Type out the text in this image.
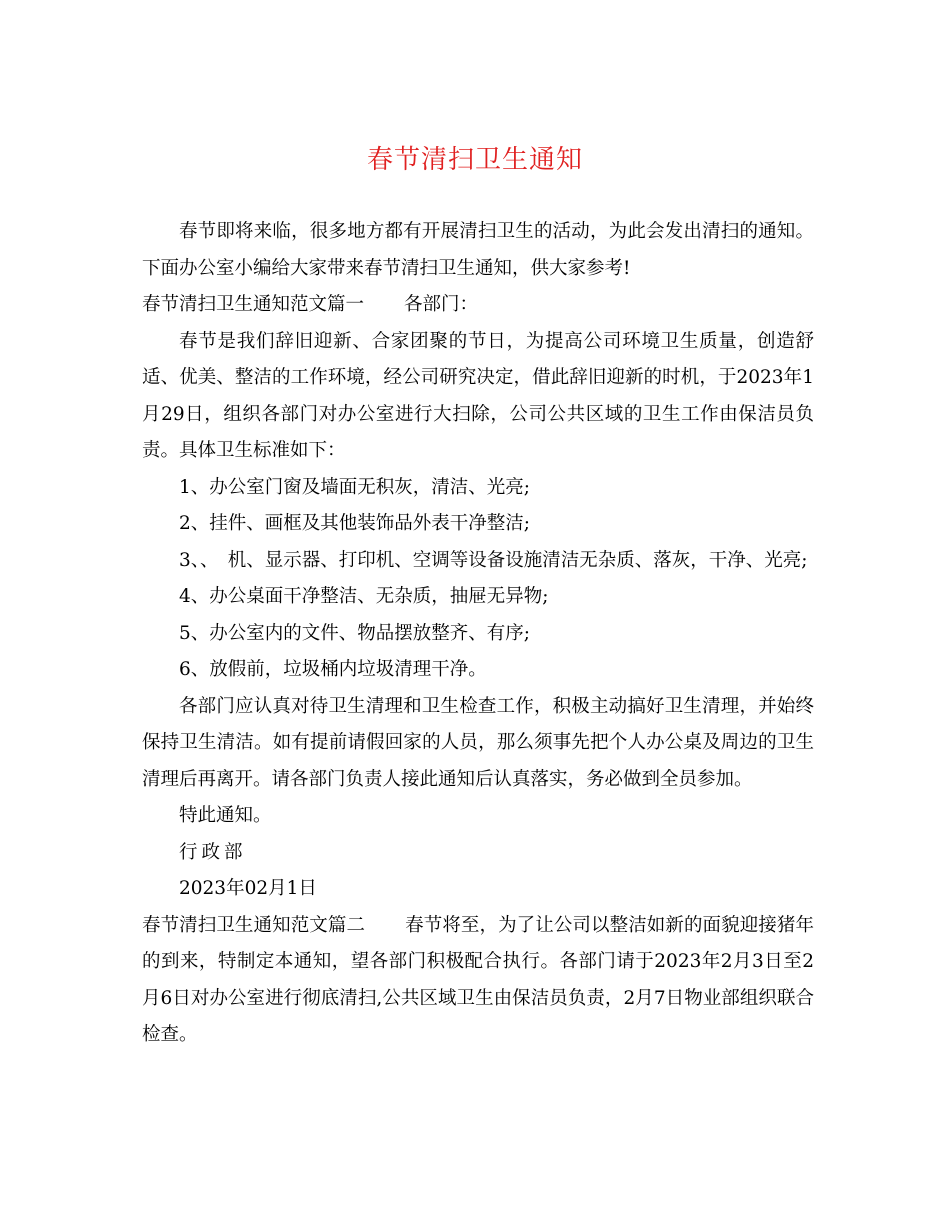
春节清扫卫生通知

春节即将来临，很多地方都有开展清扫卫生的活动，为此会发出清扫的通知。下面办公室小编给大家带来春节清扫卫生通知，供大家参考!

春节清扫卫生通知范文篇一 各部门：

春节是我们辞旧迎新、合家团聚的节日，为提高公司环境卫生质量，创造舒适、优美、整洁的工作环境，经公司研究决定，借此辞旧迎新的时机，于2023年1月29日，组织各部门对办公室进行大扫除，公司公共区域的卫生工作由保洁员负责。具体卫生标准如下：

1、办公室门窗及墙面无积灰，清洁、光亮;

2、挂件、画框及其他装饰品外表干净整洁;

3、、　机、显示器、打印机、空调等设备设施清洁无杂质、落灰，干净、光亮;

4、办公桌面干净整洁、无杂质，抽屉无异物;

5、办公室内的文件、物品摆放整齐、有序;

6、放假前，垃圾桶内垃圾清理干净。

各部门应认真对待卫生清理和卫生检查工作，积极主动搞好卫生清理，并始终保持卫生清洁。如有提前请假回家的人员，那么须事先把个人办公桌及周边的卫生清理后再离开。请各部门负责人接此通知后认真落实，务必做到全员参加。

特此通知。

行政部

2023年02月1日

春节清扫卫生通知范文篇二 春节将至，为了让公司以整洁如新的面貌迎接猪年的到来，特制定本通知，望各部门积极配合执行。各部门请于2023年2月3日至2月6日对办公室进行彻底清扫,公共区域卫生由保洁员负责，2月7日物业部组织联合检查。
